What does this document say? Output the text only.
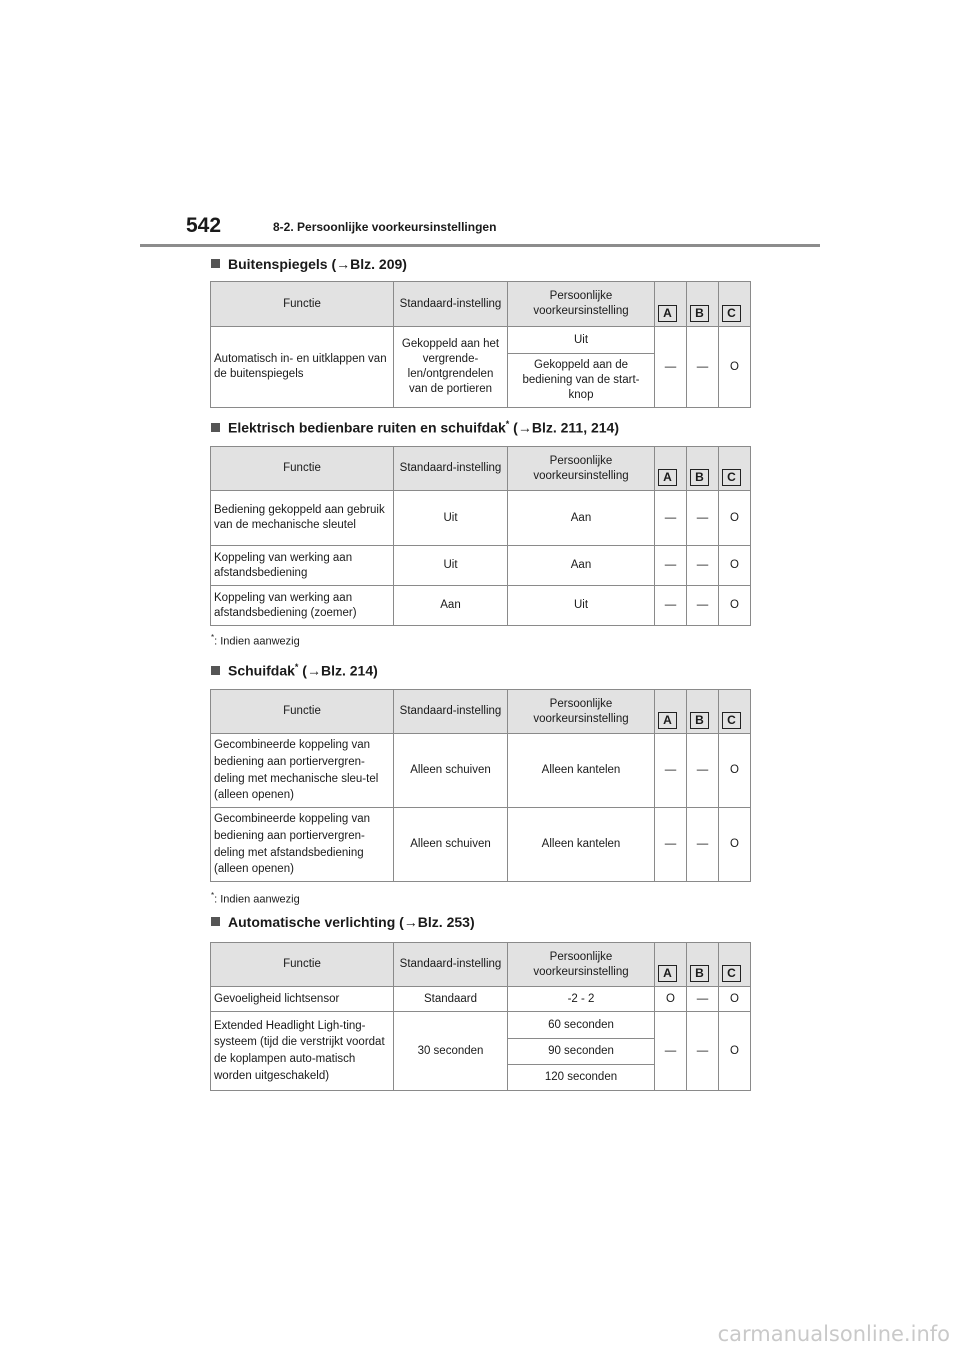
542	8-2. Persoonlijke voorkeursinstellingen
Buitenspiegels (→Blz. 209)
Functie	Standaard-instelling	Persoonlijke voorkeursinstelling	A	B	C

Automatisch in- en uitklappen van de buitenspiegels	Gekoppeld aan het vergrende-len/ontgrendelen van de portieren	Uit	—	—	O
		Gekoppeld aan de bediening van de start-knop			
Elektrisch bedienbare ruiten en schuifdak* (→Blz. 211, 214)
Functie	Standaard-instelling	Persoonlijke voorkeursinstelling	A	B	C

Bediening gekoppeld aan gebruik van de mechanische sleutel	Uit	Aan	—	—	O
Koppeling van werking aan afstandsbediening	Uit	Aan	—	—	O
Koppeling van werking aan afstandsbediening (zoemer)	Aan	Uit	—	—	O
*: Indien aanwezig
Schuifdak* (→Blz. 214)
Functie	Standaard-instelling	Persoonlijke voorkeursinstelling	A	B	C

Gecombineerde koppeling van bediening aan portiervergren-deling met mechanische sleu-tel (alleen openen)	Alleen schuiven	Alleen kantelen	—	—	O
Gecombineerde koppeling van bediening aan portiervergren-deling met afstandsbediening (alleen openen)	Alleen schuiven	Alleen kantelen	—	—	O
*: Indien aanwezig
Automatische verlichting (→Blz. 253)
Functie	Standaard-instelling	Persoonlijke voorkeursinstelling	A	B	C

Gevoeligheid lichtsensor	Standaard	-2 - 2	O	—	O
Extended Headlight Ligh-ting-systeem (tijd die verstrijkt voordat de koplampen auto-matisch worden uitgeschakeld)	30 seconden	60 seconden	—	—	O
		90 seconden			
		120 seconden			
carmanualsonline.info
